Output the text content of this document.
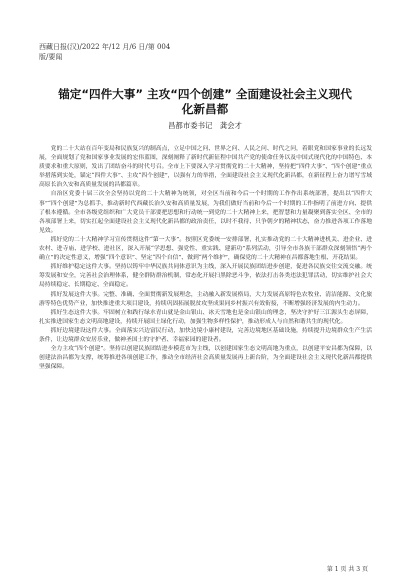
西藏日报(汉)/2022 年/12 月/6 日/第 004
版/要闻
锚定“四件大事” 主攻“四个创建” 全面建设社会主义现代
化新昌都
昌都市委书记　龚会才

党的二十大站在百年变局和民族复兴的制高点，立足中国之问、世界之问、人民之问、时代之问，着眼党和国家事业的长远发展，全面规划了党和国家事业发展的宏伟蓝图，深刻阐释了新时代新征程中国共产党的使命任务以及中国式现代化的中国特色、本质要求和重大原则，发出了团结奋斗的时代号召。全市上下要深入学习贯彻党的二十大精神，坚持把“四件大事”、“四个创建”重点举措落到实处，锚定“四件大事”、主攻“四个创建”，以强有力的举措，全面建设社会主义现代化新昌都，在新征程上奋力谱写雪域高原长治久安和高质量发展的昌都篇章。

自治区党委十届三次全会坚持以党的二十大精神为统领，对全区当前和今后一个时期的工作作出系统部署，提出以“四件大事”“四个创建”为总抓手，推动新时代西藏长治久安和高质量发展，为我们做好当前和今后一个时期的工作指明了前进方向、提供了根本遵循。全市各级党组织和广大党员干部要把思想和行动统一到党的二十大精神上来，把智慧和力量凝聚到落实全区、全市的各项部署上来，切实扛起全面建设社会主义现代化新昌都的政治责任，以时不我待、只争朝夕的精神状态，奋力推进各项工作落地见效。

抓好党的二十大精神学习宣传贯彻这件“第一大事”。按照区党委统一安排部署，扎实推动党的二十大精神进机关、进企业、进农村、进寺庙、进学校、进社区，深入开展“学思想、强党性、重实践、建新功”系列活动，引导全市各族干部群众深刻领悟“两个确立”的决定性意义，增强“四个意识”、坚定“四个自信”、做到“两个维护”，确保党的二十大精神在昌都落地生根、开花结果。

抓好维护稳定这件大事。坚持以铸牢中华民族共同体意识为主线，深入开展民族团结进步创建，促进各民族交往交流交融。统筹发展和安全，完善社会治理体系，健全群防群治机制，常态化开展扫黑除恶斗争，依法打击各类违法犯罪活动，切实维护社会大局持续稳定、长期稳定、全面稳定。

抓好发展这件大事。完整、准确、全面贯彻新发展理念，主动融入新发展格局，大力发展高原特色农牧业、清洁能源、文化旅游等特色优势产业，加快推进重大项目建设，持续巩固拓展脱贫攻坚成果同乡村振兴有效衔接，不断增强经济发展的内生动力。

抓好生态这件大事。牢固树立和践行绿水青山就是金山银山、冰天雪地也是金山银山的理念，坚决守护好三江源头生态屏障，扎实推进国家生态文明高地建设，持续开展国土绿化行动，加强生物多样性保护，推动形成人与自然和谐共生的现代化。

抓好边境建设这件大事。全面落实兴边富民行动，加快边境小康村建设，完善边境地区基础设施，持续提升边境群众生产生活条件，让边境群众安居乐业，做神圣国土的守护者、幸福家园的建设者。

全力主攻“四个创建”。坚持以创建民族团结进步模范市为主线，以创建国家生态文明高地为重点，以创建平安昌都为保障，以创建法治昌都为支撑，统筹推进各项创建工作，推动全市经济社会高质量发展再上新台阶，为全面建设社会主义现代化新昌都提供坚强保障。

第 1 页 共 3 页
